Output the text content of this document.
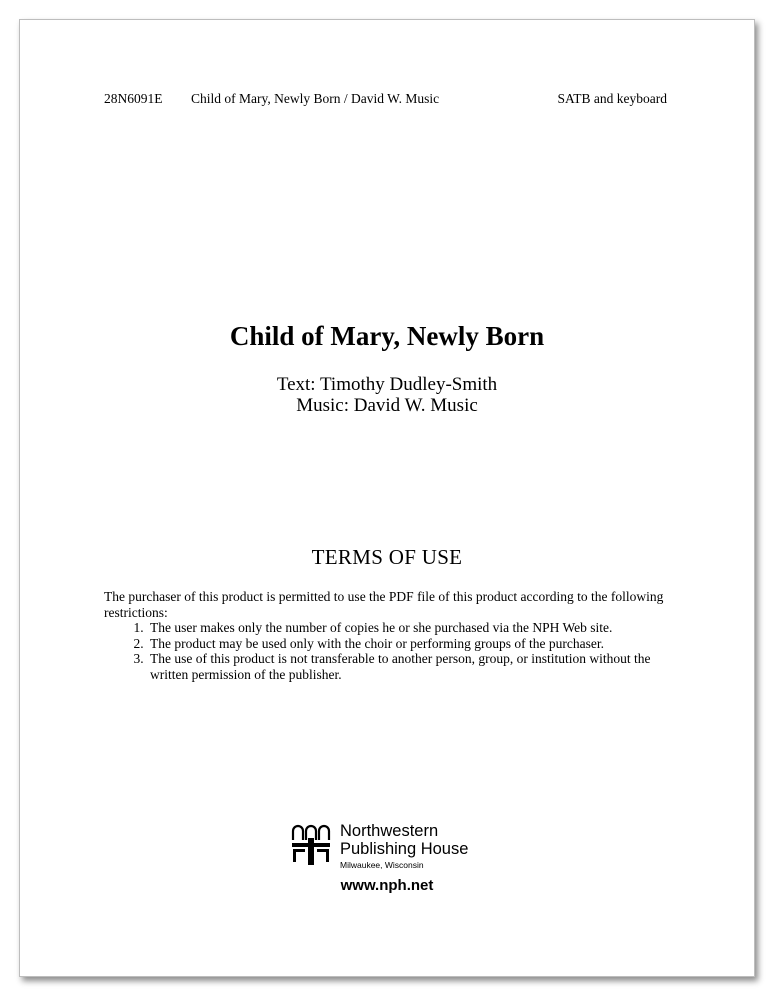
28N6091E Child of Mary, Newly Born / David W. Music	SATB and keyboard
Child of Mary, Newly Born
Text: Timothy Dudley-Smith
Music: David W. Music
TERMS OF USE
The purchaser of this product is permitted to use the PDF file of this product according to the following restrictions:
1. The user makes only the number of copies he or she purchased via the NPH Web site.
2. The product may be used only with the choir or performing groups of the purchaser.
3. The use of this product is not transferable to another person, group, or institution without the written permission of the publisher.
Northwestern
Publishing House
Milwaukee, Wisconsin
www.nph.net
